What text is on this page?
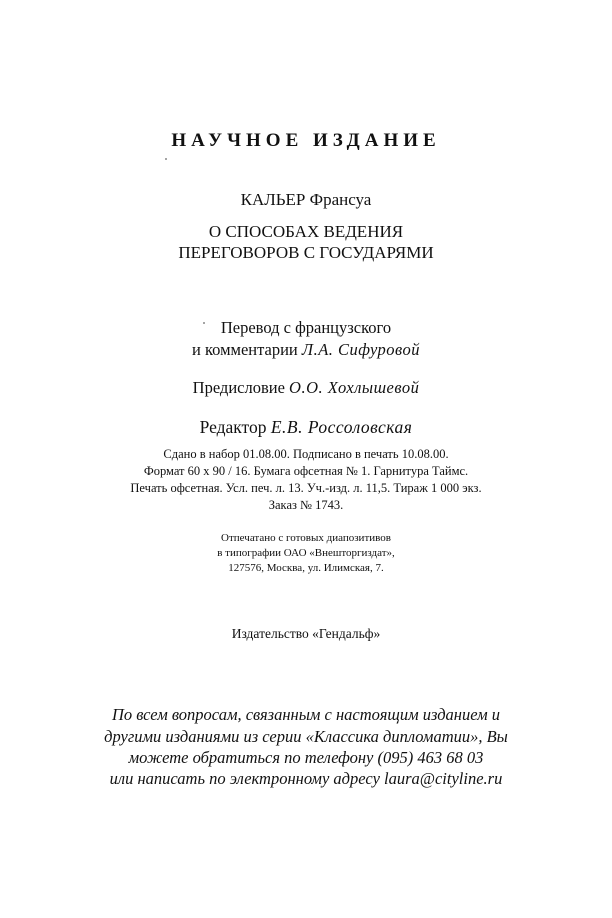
НАУЧНОЕ ИЗДАНИЕ
КАЛЬЕР Франсуа
О СПОСОБАХ ВЕДЕНИЯ
ПЕРЕГОВОРОВ С ГОСУДАРЯМИ
Перевод с французского
и комментарии Л.А. Сифуровой
Предисловие О.О. Хохлышевой
Редактор Е.В. Россоловская
Сдано в набор 01.08.00. Подписано в печать 10.08.00.
Формат 60 х 90 / 16. Бумага офсетная № 1. Гарнитура Таймс.
Печать офсетная. Усл. печ. л. 13. Уч.-изд. л. 11,5. Тираж 1 000 экз.
Заказ № 1743.
Отпечатано с готовых диапозитивов
в типографии ОАО «Внешторгиздат»,
127576, Москва, ул. Илимская, 7.
Издательство «Гендальф»
По всем вопросам, связанным с настоящим изданием и
другими изданиями из серии «Классика дипломатии», Вы
можете обратиться по телефону (095) 463 68 03
или написать по электронному адресу laura@cityline.ru
